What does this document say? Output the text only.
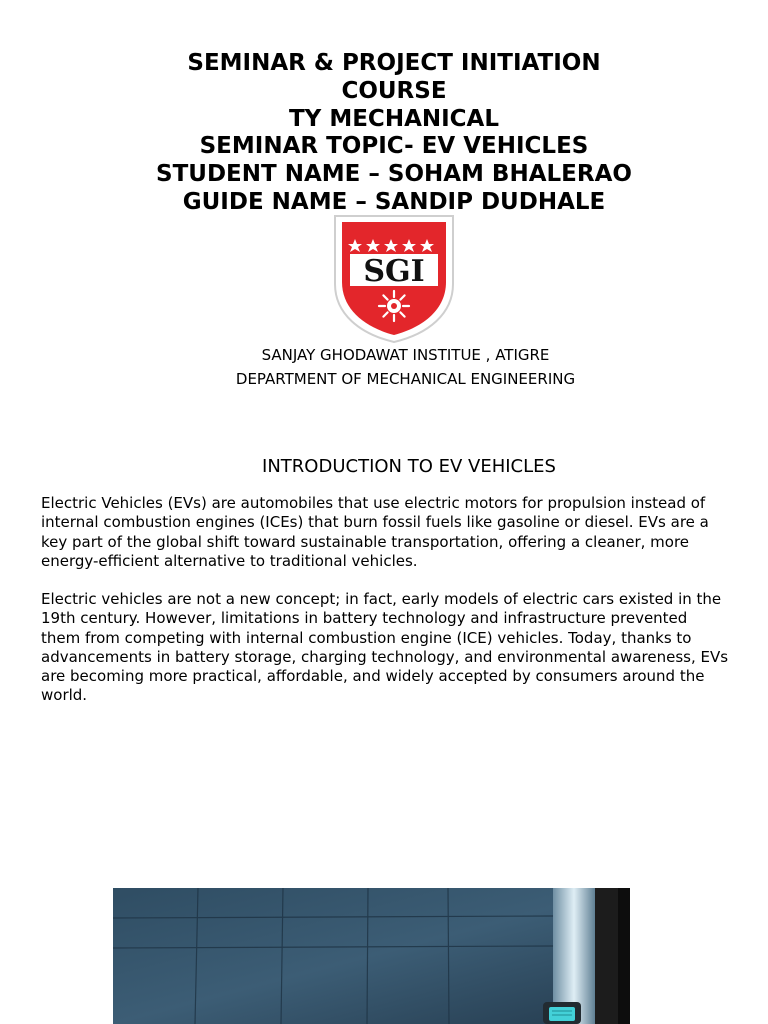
SEMINAR & PROJECT INITIATION
COURSE
TY MECHANICAL
SEMINAR TOPIC- EV VEHICLES
STUDENT NAME – SOHAM BHALERAO
GUIDE NAME – SANDIP DUDHALE
SGI
SANJAY GHODAWAT INSTITUE , ATIGRE
DEPARTMENT OF MECHANICAL ENGINEERING
INTRODUCTION TO EV VEHICLES

Electric Vehicles (EVs) are automobiles that use electric motors for propulsion instead of internal combustion engines (ICEs) that burn fossil fuels like gasoline or diesel. EVs are a key part of the global shift toward sustainable transportation, offering a cleaner, more energy-efficient alternative to traditional vehicles.

Electric vehicles are not a new concept; in fact, early models of electric cars existed in the 19th century. However, limitations in battery technology and infrastructure prevented them from competing with internal combustion engine (ICE) vehicles. Today, thanks to advancements in battery storage, charging technology, and environmental awareness, EVs are becoming more practical, affordable, and widely accepted by consumers around the world.
